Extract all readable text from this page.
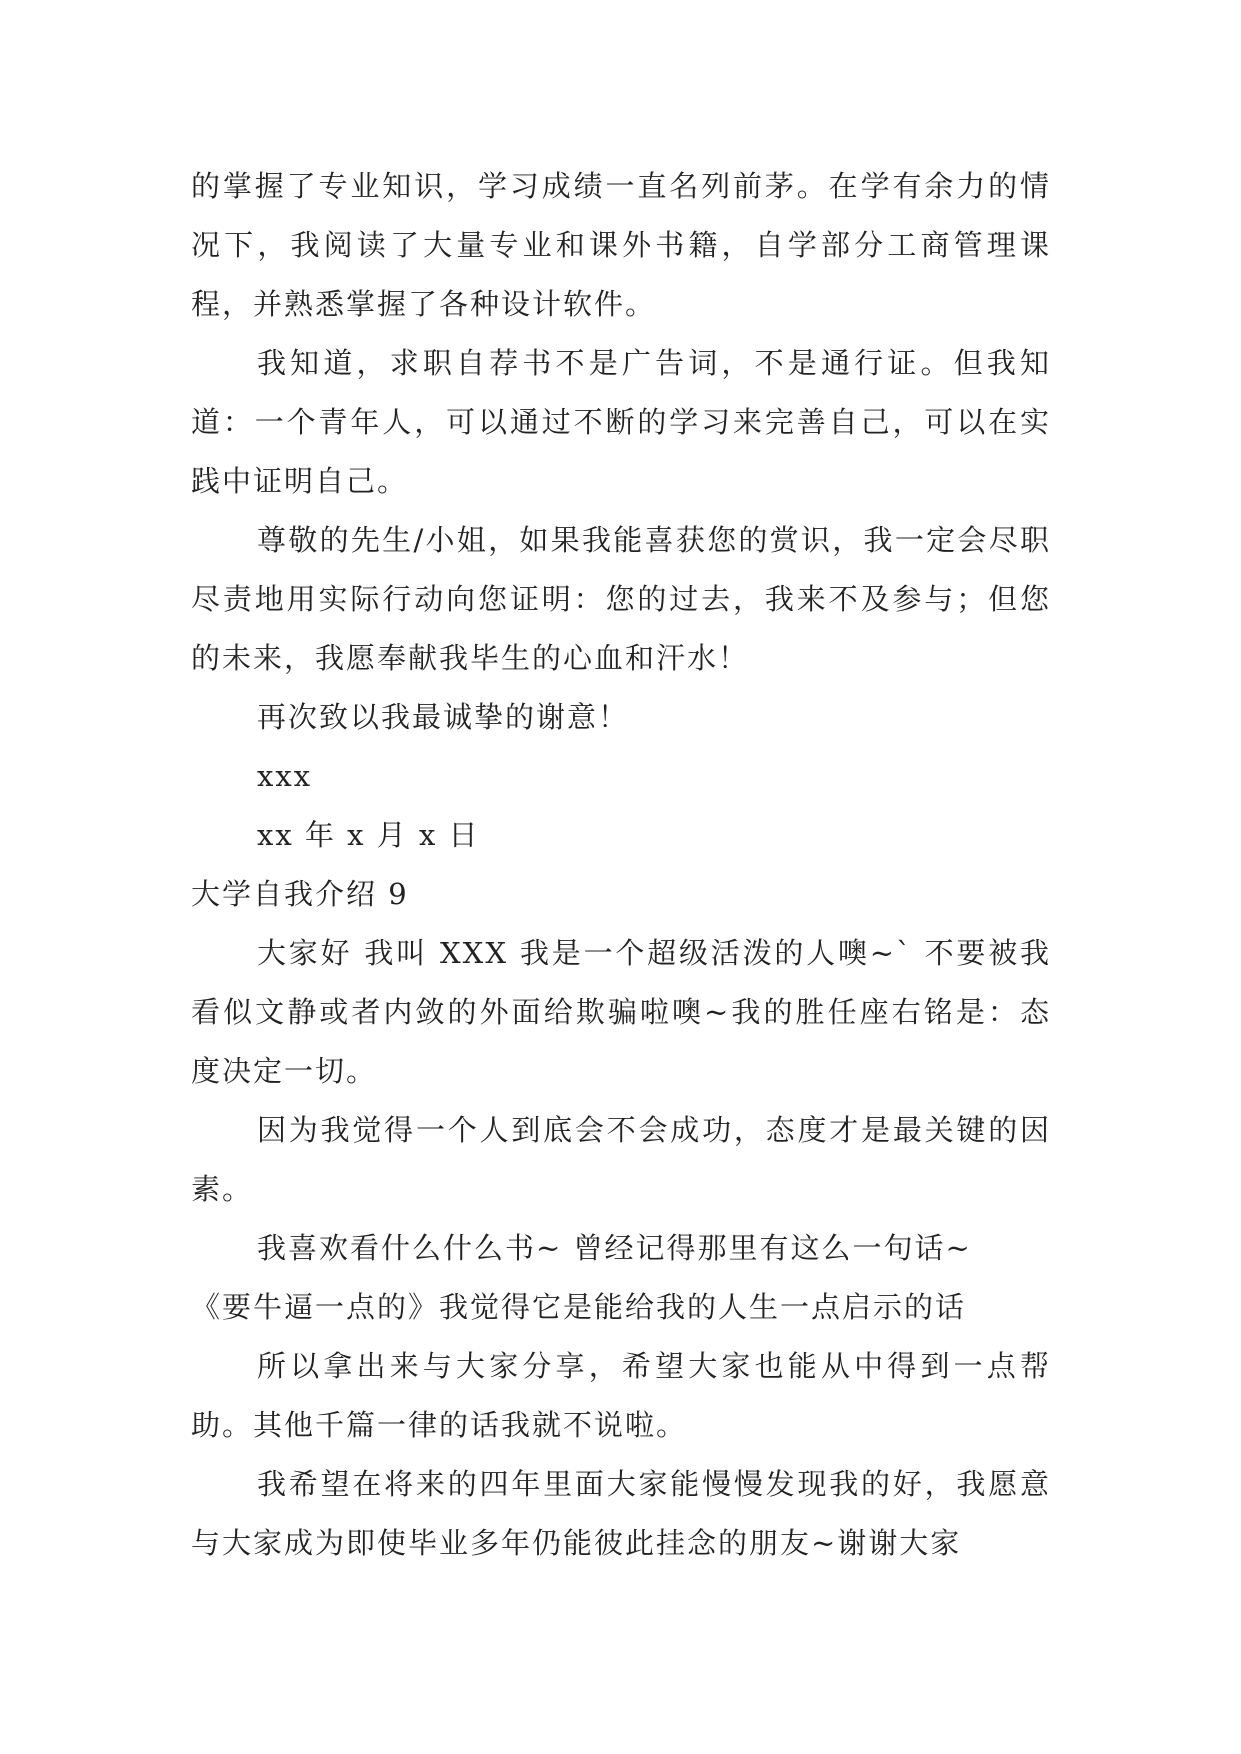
的掌握了专业知识，学习成绩一直名列前茅。在学有余力的情况下，我阅读了大量专业和课外书籍，自学部分工商管理课程，并熟悉掌握了各种设计软件。

我知道，求职自荐书不是广告词，不是通行证。但我知道：一个青年人，可以通过不断的学习来完善自己，可以在实践中证明自己。

尊敬的先生/小姐，如果我能喜获您的赏识，我一定会尽职尽责地用实际行动向您证明：您的过去，我来不及参与；但您的未来，我愿奉献我毕生的心血和汗水！

再次致以我最诚挚的谢意！

xxx

xx 年 x 月 x 日

大学自我介绍 9

大家好 我叫 XXX 我是一个超级活泼的人噢~` 不要被我看似文静或者内敛的外面给欺骗啦噢~我的胜任座右铭是：态度决定一切。

因为我觉得一个人到底会不会成功，态度才是最关键的因素。

我喜欢看什么什么书~ 曾经记得那里有这么一句话~

《要牛逼一点的》我觉得它是能给我的人生一点启示的话

所以拿出来与大家分享，希望大家也能从中得到一点帮助。其他千篇一律的话我就不说啦。

我希望在将来的四年里面大家能慢慢发现我的好，我愿意与大家成为即使毕业多年仍能彼此挂念的朋友~谢谢大家
